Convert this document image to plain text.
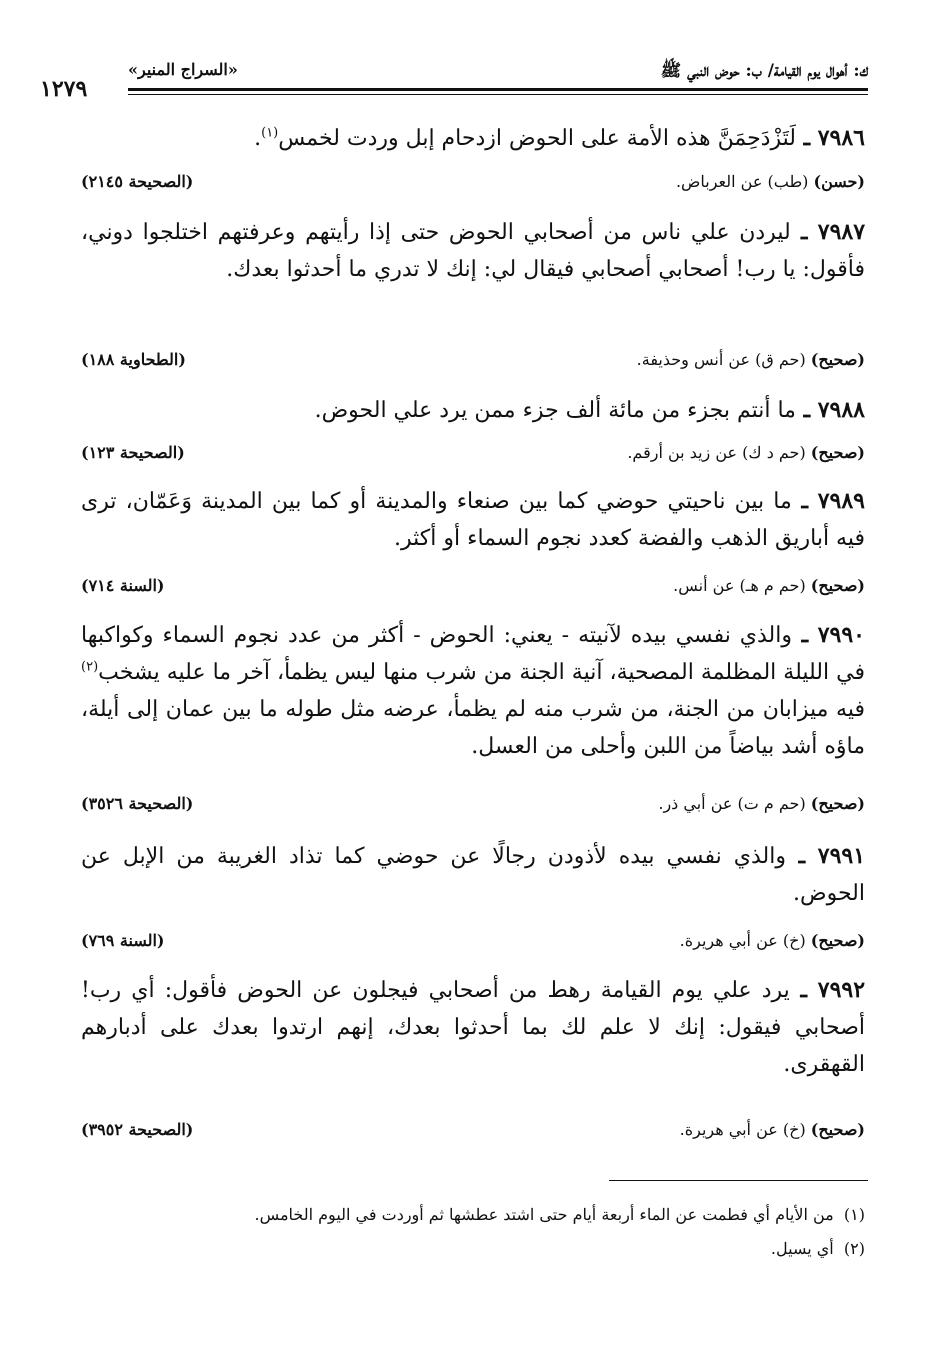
ك: أهوال يوم القيامة/ ب: حوض النبي ﷺ
«السراج المنير»
١٢٧٩
٧٩٨٦ ـ لَتَزْدَحِمَنَّ هذه الأمة على الحوض ازدحام إبل وردت لخمس$^{(١)}$.
(حسن) (طب) عن العرباض.
(الصحيحة ٢١٤٥)
٧٩٨٧ ـ ليردن علي ناس من أصحابي الحوض حتى إذا رأيتهم وعرفتهم اختلجوا دوني، فأقول: يا رب! أصحابي أصحابي فيقال لي: إنك لا تدري ما أحدثوا بعدك.
(صحيح) (حم ق) عن أنس وحذيفة.
(الطحاوية ١٨٨)
٧٩٨٨ ـ ما أنتم بجزء من مائة ألف جزء ممن يرد علي الحوض.
(صحيح) (حم د ك) عن زيد بن أرقم.
(الصحيحة ١٢٣)
٧٩٨٩ ـ ما بين ناحيتي حوضي كما بين صنعاء والمدينة أو كما بين المدينة وَعَمّان، ترى فيه أباريق الذهب والفضة كعدد نجوم السماء أو أكثر.
(صحيح) (حم م هـ) عن أنس.
(السنة ٧١٤)
٧٩٩٠ ـ والذي نفسي بيده لآنيته - يعني: الحوض - أكثر من عدد نجوم السماء وكواكبها في الليلة المظلمة المصحية، آنية الجنة من شرب منها ليس يظمأ، آخر ما عليه يشخب$^{(٢)}$ فيه ميزابان من الجنة، من شرب منه لم يظمأ، عرضه مثل طوله ما بين عمان إلى أيلة، ماؤه أشد بياضاً من اللبن وأحلى من العسل.
(صحيح) (حم م ت) عن أبي ذر.
(الصحيحة ٣٥٢٦)
٧٩٩١ ـ والذي نفسي بيده لأذودن رجالًا عن حوضي كما تذاد الغريبة من الإبل عن الحوض.
(صحيح) (خ) عن أبي هريرة.
(السنة ٧٦٩)
٧٩٩٢ ـ يرد علي يوم القيامة رهط من أصحابي فيجلون عن الحوض فأقول: أي رب! أصحابي فيقول: إنك لا علم لك بما أحدثوا بعدك، إنهم ارتدوا بعدك على أدبارهم القهقرى.
(صحيح) (خ) عن أبي هريرة.
(الصحيحة ٣٩٥٢)
(١)  من الأيام أي فطمت عن الماء أربعة أيام حتى اشتد عطشها ثم أوردت في اليوم الخامس.
(٢)  أي يسيل.
